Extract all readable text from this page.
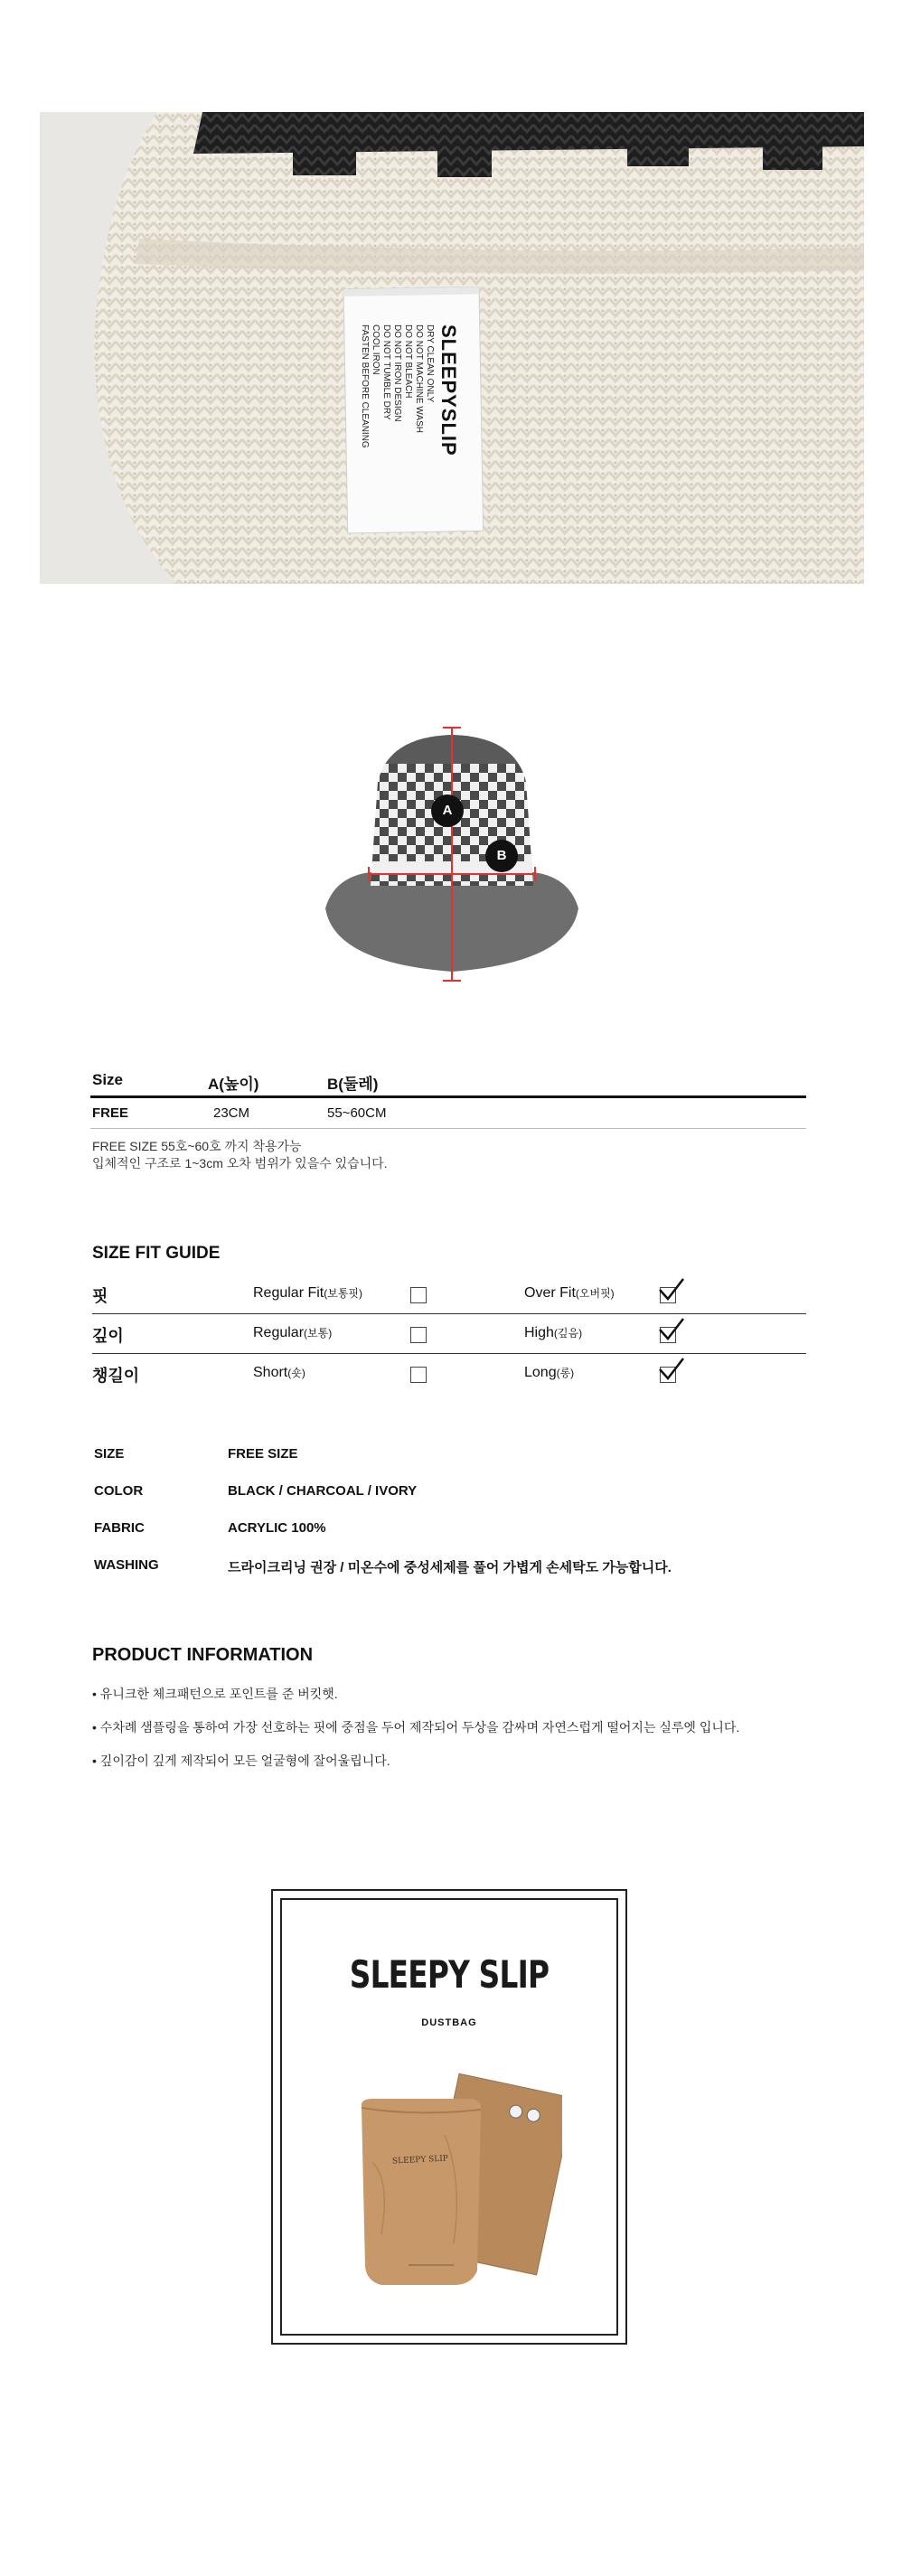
SLEEPYSLIP
DRY CLEAN ONLY
DO NOT MACHINE WASH
DO NOT BLEACH
DO NOT IRON DESIGN
DO NOT TUMBLE DRY
COOL IRON
FASTEN BEFORE CLEANING
A
B
Size	A(높이)	B(둘레)
FREE	23CM	55~60CM
FREE SIZE 55호~60호 까지 착용가능
입체적인 구조로 1~3cm 오차 범위가 있을수 있습니다.
SIZE FIT GUIDE
핏	Regular Fit(보통핏)	Over Fit(오버핏)
깊이	Regular(보통)	High(깊음)
챙길이	Short(숏)	Long(롱)
SIZE	FREE SIZE
COLOR	BLACK / CHARCOAL / IVORY
FABRIC	ACRYLIC 100%
WASHING	드라이크리닝 권장 / 미온수에 중성세제를 풀어 가볍게 손세탁도 가능합니다.
PRODUCT INFORMATION
• 유니크한 체크패턴으로 포인트를 준 버킷햇.
• 수차례 샘플링을 통하여 가장 선호하는 핏에 중점을 두어 제작되어 두상을 감싸며 자연스럽게 떨어지는 실루엣 입니다.
• 깊이감이 깊게 제작되어 모든 얼굴형에 잘어울립니다.
SLEEPY SLIP
DUSTBAG
SLEEPY SLIP
